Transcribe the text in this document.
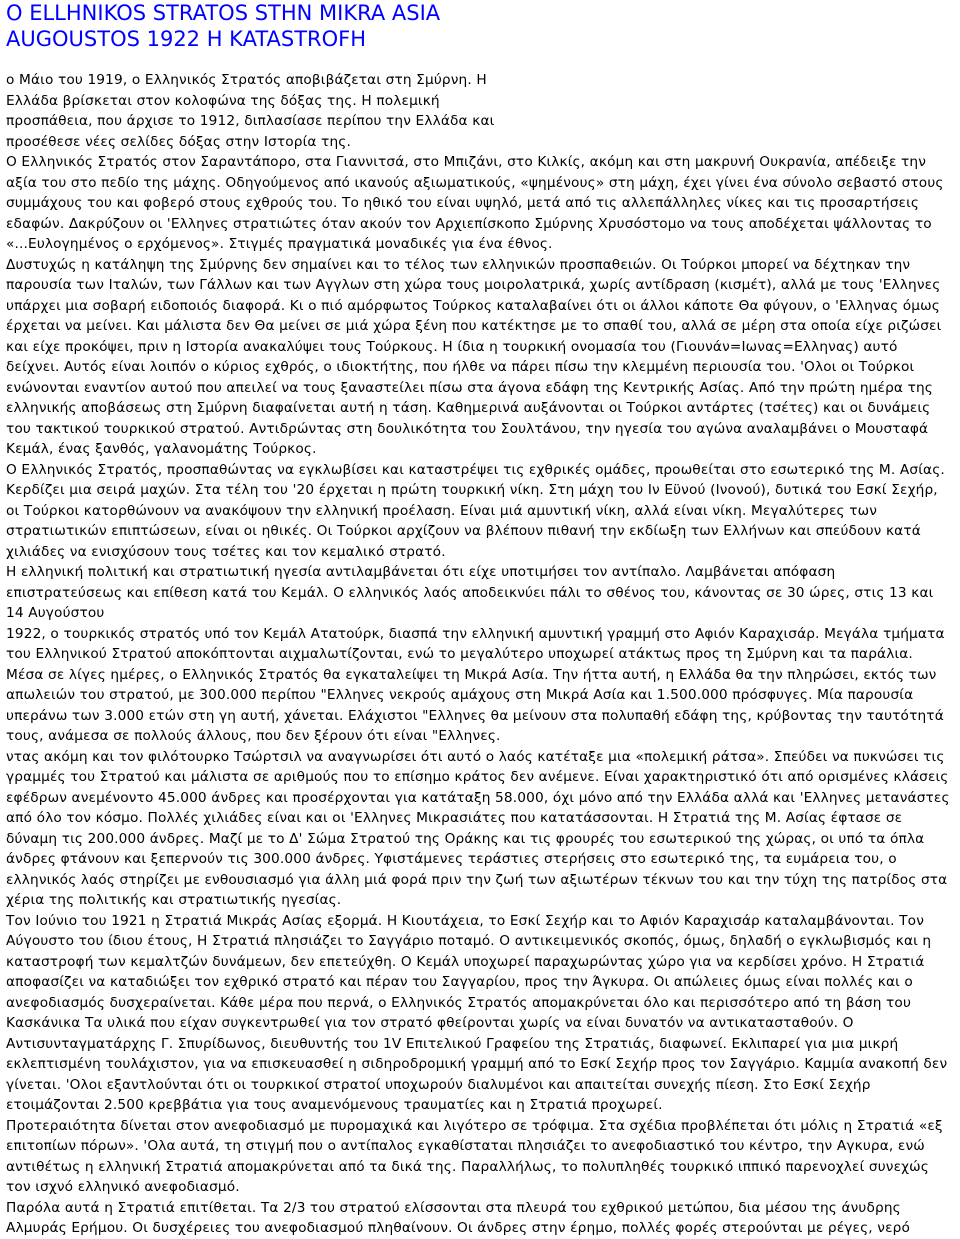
Ο ELLHNIKOS STRATOS STHN MIKRA ASIA
AUGOUSTOS 1922 H KATASTROFH
ο Μάιο του 1919, ο Ελληνικός Στρατός αποβιβάζεται στη Σμύρνη. Η Ελλάδα βρίσκεται στον κολοφώνα της δόξας της. Η πολεμική προσπάθεια, που άρχισε το 1912, διπλασίασε περίπου την Ελλάδα και προσέθεσε νέες σελίδες δόξας στην Ιστορία της.
Ο Ελληνικός Στρατός στον Σαραντάπορο, στα Γιαννιτσά, στο Μπιζάνι, στο Κιλκίς, ακόμη και στη μακρυνή Ουκρανία, απέδειξε την αξία του στο πεδίο της μάχης. Οδηγούμενος από ικανούς αξιωματικούς, «ψημένους» στη μάχη, έχει γίνει ένα σύνολο σεβαστό στους συμμάχους του και φοβερό στους εχθρούς του. Το ηθικό του είναι υψηλό, μετά από τις αλλεπάλληλες νίκες και τις προσαρτήσεις εδαφών. Δακρύζουν οι 'Ελληνες στρατιώτες όταν ακούν τον Αρχιεπίσκοπο Σμύρνης Χρυσόστομο να τους αποδέχεται ψάλλοντας το «...Ευλογημένος ο ερχόμενος». Στιγμές πραγματικά μοναδικές για ένα έθνος.
Δυστυχώς η κατάληψη της Σμύρνης δεν σημαίνει και το τέλος των ελληνικών προσπαθειών. Οι Τούρκοι μπορεί να δέχτηκαν την παρουσία των Ιταλών, των Γάλλων και των Αγγλων στη χώρα τους μοιρολατρικά, χωρίς αντίδραση (κισμέτ), αλλά με τους 'Ελληνες υπάρχει μια σοβαρή ειδοποιός διαφορά. Κι ο πιό αμόρφωτος Τούρκος καταλαβαίνει ότι οι άλλοι κάποτε Θα φύγουν, ο 'Ελληνας όμως έρχεται να μείνει. Και μάλιστα δεν Θα μείνει σε μιά χώρα ξένη που κατέκτησε με το σπαθί του, αλλά σε μέρη στα οποία είχε ριζώσει και είχε προκόψει, πριν η Ιστορία ανακαλύψει τους Τούρκους. Η ίδια η τουρκική ονομασία του (Γιουνάν=Ιωνας=Ελληνας) αυτό δείχνει. Αυτός είναι λοιπόν ο κύριος εχθρός, ο ιδιοκτήτης, που ήλθε να πάρει πίσω την κλεμμένη περιουσία του. 'Ολοι οι Τούρκοι ενώνονται εναντίον αυτού που απειλεί να τους ξαναστείλει πίσω στα άγονα εδάφη της Κεντρικής Ασίας. Από την πρώτη ημέρα της ελληνικής αποβάσεως στη Σμύρνη διαφαίνεται αυτή η τάση. Καθημερινά αυξάνονται οι Τούρκοι αντάρτες (τσέτες) και οι δυνάμεις του τακτικού τουρκικού στρατού. Αντιδρώντας στη δουλικότητα του Σουλτάνου, την ηγεσία του αγώνα αναλαμβάνει ο Μουσταφά Κεμάλ, ένας ξανθός, γαλανομάτης Τούρκος.
Ο Ελληνικός Στρατός, προσπαθώντας να εγκλωβίσει και καταστρέψει τις εχθρικές ομάδες, προωθείται στο εσωτερικό της Μ. Ασίας. Κερδίζει μια σειρά μαχών. Στα τέλη του '20 έρχεται η πρώτη τουρκική νίκη. Στη μάχη του Ιν Εϋνού (Ινονού), δυτικά του Εσκί Σεχήρ, οι Τούρκοι κατορθώνουν να ανακόψουν την ελληνική προέλαση. Είναι μιά αμυντική νίκη, αλλά είναι νίκη. Μεγαλύτερες των στρατιωτικών επιπτώσεων, είναι οι ηθικές. Οι Τούρκοι αρχίζουν να βλέπουν πιθανή την εκδίωξη των Ελλήνων και σπεύδουν κατά χιλιάδες να ενισχύσουν τους τσέτες και τον κεμαλικό στρατό.
Η ελληνική πολιτική και στρατιωτική ηγεσία αντιλαμβάνεται ότι είχε υποτιμήσει τον αντίπαλο. Λαμβάνεται απόφαση επιστρατεύσεως και επίθεση κατά του Κεμάλ. Ο ελληνικός λαός αποδεικνύει πάλι το σθένος του, κάνοντας σε 30 ώρες, στις 13 και 14 Αυγούστου
1922, ο τουρκικός στρατός υπό τον Κεμάλ Ατατούρκ, διασπά την ελληνική αμυντική γραμμή στο Αφιόν Καραχισάρ. Μεγάλα τμήματα του Ελληνικού Στρατού αποκόπτονται αιχμαλωτίζονται, ενώ το μεγαλύτερο υποχωρεί ατάκτως προς τη Σμύρνη και τα παράλια. Μέσα σε λίγες ημέρες, ο Ελληνικός Στρατός θα εγκαταλείψει τη Μικρά Ασία. Την ήττα αυτή, η Ελλάδα θα την πληρώσει, εκτός των απωλειών του στρατού, με 300.000 περίπου "Ελληνες νεκρούς αμάχους στη Μικρά Ασία και 1.500.000 πρόσφυγες. Μία παρουσία υπεράνω των 3.000 ετών στη γη αυτή, χάνεται. Ελάχιστοι "Ελληνες θα μείνουν στα πολυπαθή εδάφη της, κρύβοντας την ταυτότητά τους, ανάμεσα σε πολλούς άλλους, που δεν ξέρουν ότι είναι "Ελληνες.
ντας ακόμη και τον φιλότουρκο Τσώρτσιλ να αναγνωρίσει ότι αυτό ο λαός κατέταξε μια «πολεμική ράτσα». Σπεύδει να πυκνώσει τις γραμμές του Στρατού και μάλιστα σε αριθμούς που το επίσημο κράτος δεν ανέμενε. Είναι χαρακτηριστικό ότι από ορισμένες κλάσεις εφέδρων ανεμένοντο 45.000 άνδρες και προσέρχονται για κατάταξη 58.000, όχι μόνο από την Ελλάδα αλλά και 'Ελληνες μετανάστες από όλο τον κόσμο. Πολλές χιλιάδες είναι και οι 'Ελληνες Μικρασιάτες που κατατάσσονται. Η Στρατιά της Μ. Ασίας έφτασε σε δύναμη τις 200.000 άνδρες. Μαζί με το Δ' Σώμα Στρατού της Οράκης και τις φρουρές του εσωτερικού της χώρας, οι υπό τα όπλα άνδρες φτάνουν και ξεπερνούν τις 300.000 άνδρες. Υφιστάμενες τεράστιες στερήσεις στο εσωτερικό της, τα ευμάρεια του, ο ελληνικός λαός στηρίζει με ενθουσιασμό για άλλη μιά φορά πριν την ζωή των αξιωτέρων τέκνων του και την τύχη της πατρίδος στα χέρια της πολιτικής και στρατιωτικής ηγεσίας.
Τον Ιούνιο του 1921 η Στρατιά Μικράς Ασίας εξορμά. Η Κιουτάχεια, το Εσκί Σεχήρ και το Αφιόν Καραχισάρ καταλαμβάνονται. Τον Αύγουστο του ίδιου έτους, Η Στρατιά πλησιάζει το Σαγγάριο ποταμό. Ο αντικειμενικός σκοπός, όμως, δηλαδή ο εγκλωβισμός και η καταστροφή των κεμαλτζών δυνάμεων, δεν επετεύχθη. Ο Κεμάλ υποχωρεί παραχωρώντας χώρο για να κερδίσει χρόνο. Η Στρατιά αποφασίζει να καταδιώξει τον εχθρικό στρατό και πέραν του Σαγγαρίου, προς την Άγκυρα. Οι απώλειες όμως είναι πολλές και ο ανεφοδιασμός δυσχεραίνεται. Κάθε μέρα που περνά, ο Ελληνικός Στρατός απομακρύνεται όλο και περισσότερο από τη βάση του Κασκάνικα Τα υλικά που είχαν συγκεντρωθεί για τον στρατό φθείρονται χωρίς να είναι δυνατόν να αντικατασταθούν. Ο Αντισυνταγματάρχης Γ. Σπυρίδωνος, διευθυντής του 1V Επιτελικού Γραφείου της Στρατιάς, διαφωνεί. Εκλιπαρεί για μια μικρή εκλεπτισμένη τουλάχιστον, για να επισκευασθεί η σιδηροδρομική γραμμή από το Εσκί Σεχήρ προς τον Σαγγάριο. Καμμία ανακοπή δεν γίνεται. 'Ολοι εξαντλούνται ότι οι τουρκικοί στρατοί υποχωρούν διαλυμένοι και απαιτείται συνεχής πίεση. Στο Εσκί Σεχήρ ετοιμάζονται 2.500 κρεββάτια για τους αναμενόμενους τραυματίες και η Στρατιά προχωρεί.
Προτεραιότητα δίνεται στον ανεφοδιασμό με πυρομαχικά και λιγότερο σε τρόφιμα. Στα σχέδια προβλέπεται ότι μόλις η Στρατιά «εξ επιτοπίων πόρων». 'Ολα αυτά, τη στιγμή που ο αντίπαλος εγκαθίσταται πλησιάζει το ανεφοδιαστικό του κέντρο, την Αγκυρα, ενώ αντιθέτως η ελληνική Στρατιά απομακρύνεται από τα δικά της. Παραλλήλως, το πολυπληθές τουρκικό ιππικό παρενοχλεί συνεχώς τον ισχνό ελληνικό ανεφοδιασμό.
Παρόλα αυτά η Στρατιά επιτίθεται. Τα 2/3 του στρατού ελίσσονται στα πλευρά του εχθρικού μετώπου, δια μέσου της άνυδρης Αλμυράς Ερήμου. Οι δυσχέρειες του ανεφοδιασμού πληθαίνουν. Οι άνδρες στην έρημο, πολλές φορές στερούνται με ρέγες, νερό
